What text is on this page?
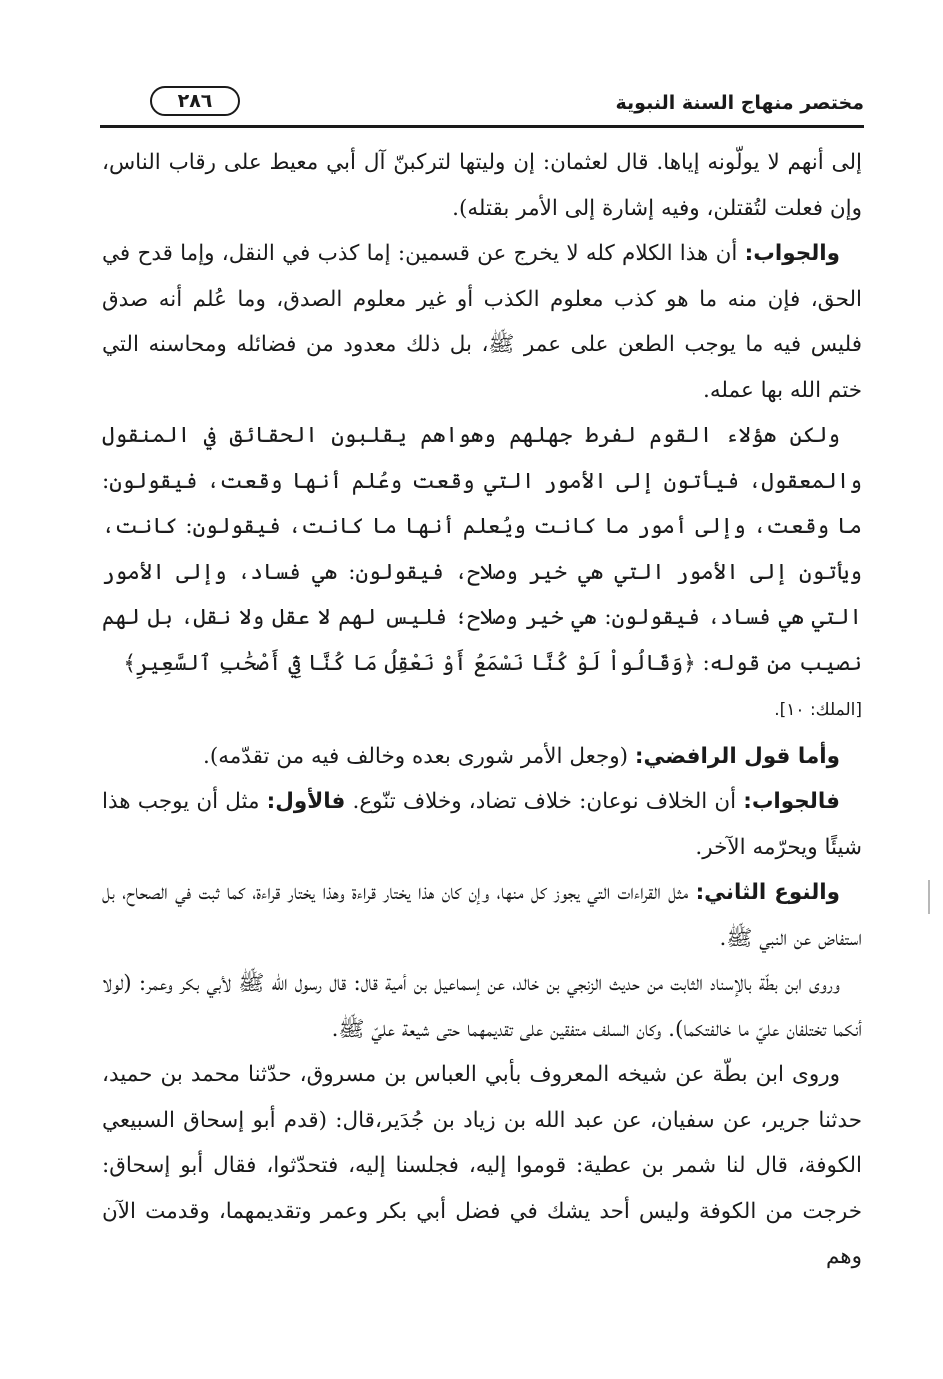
مختصر منهاج السنة النبوية
٢٨٦

إلى أنهم لا يولّونه إياها. قال لعثمان: إن وليتها لتركبنّ آل أبي معيط على رقاب الناس، وإن فعلت لتُقتلن، وفيه إشارة إلى الأمر بقتله).

والجواب: أن هذا الكلام كله لا يخرج عن قسمين: إما كذب في النقل، وإما قدح في الحق، فإن منه ما هو كذب معلوم الكذب أو غير معلوم الصدق، وما عُلم أنه صدق فليس فيه ما يوجب الطعن على عمر ﷺ، بل ذلك معدود من فضائله ومحاسنه التي ختم الله بها عمله.

ولكن هؤلاء القوم لفرط جهلهم وهواهم يقلبون الحقائق في المنقول والمعقول، فيأتون إلى الأمور التي وقعت وعُلم أنها وقعت، فيقولون: ما وقعت، وإلى أمور ما كانت ويُعلم أنها ما كانت، فيقولون: كانت، ويأتون إلى الأمور التي هي خير وصلاح، فيقولون: هي فساد، وإلى الأمور التي هي فساد، فيقولون: هي خير وصلاح؛ فليس لهم لا عقل ولا نقل، بل لهم نصيب من قوله: ﴿وَقَالُواْ لَوْ كُنَّا نَسْمَعُ أَوْ نَعْقِلُ مَا كُنَّا فِيٓ أَصْحَٰبِ ٱلسَّعِيرِ﴾
[الملك: ١٠].

وأما قول الرافضي: (وجعل الأمر شورى بعده وخالف فيه من تقدّمه).

فالجواب: أن الخلاف نوعان: خلاف تضاد، وخلاف تنّوع. فالأول: مثل أن يوجب هذا شيئًا ويحرّمه الآخر.

والنوع الثاني: مثل القراءات التي يجوز كل منها، وإن كان هذا يختار قراءة وهذا يختار قراءة، كما ثبت في الصحاح، بل استفاض عن النبي ﷺ.

وروى ابن بطّة بالإسناد الثابت من حديث الزنجي بن خالد، عن إسماعيل بن أمية قال: قال رسول الله ﷺ لأبي بكر وعمر: (لولا أنكما تختلفان عليّ ما خالفتكما). وكان السلف متفقين على تقديمهما حتى شيعة عليّ ﷺ.

وروى ابن بطّة عن شيخه المعروف بأبي العباس بن مسروق، حدّثنا محمد بن حميد، حدثنا جرير، عن سفيان، عن عبد الله بن زياد بن جُدَير،قال: (قدم أبو إسحاق السبيعي الكوفة، قال لنا شمر بن عطية: قوموا إليه، فجلسنا إليه، فتحدّثوا، فقال أبو إسحاق: خرجت من الكوفة وليس أحد يشك في فضل أبي بكر وعمر وتقديمهما، وقدمت الآن وهم
